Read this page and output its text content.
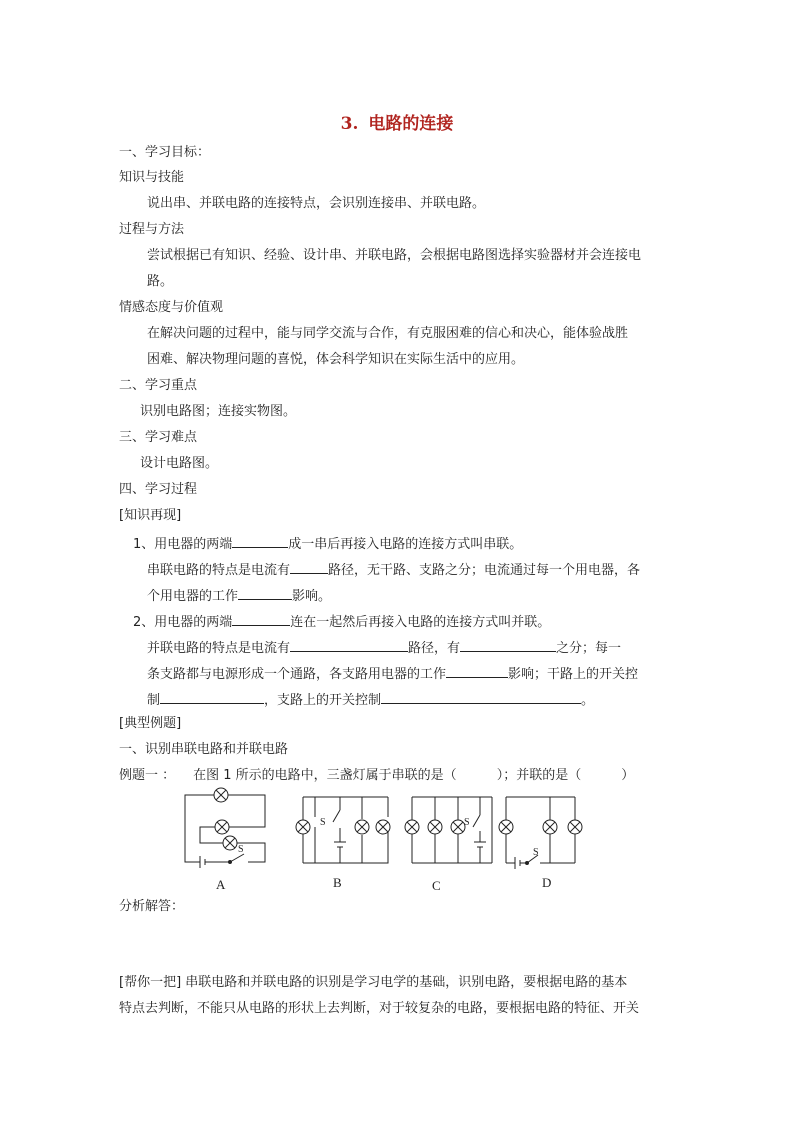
3. 电路的连接
一、学习目标：
知识与技能
说出串、并联电路的连接特点，会识别连接串、并联电路。
过程与方法
尝试根据已有知识、经验、设计串、并联电路，会根据电路图选择实验器材并会连接电
路。
情感态度与价值观
在解决问题的过程中，能与同学交流与合作，有克服困难的信心和决心，能体验战胜
困难、解决物理问题的喜悦，体会科学知识在实际生活中的应用。
二、学习重点
识别电路图；连接实物图。
三、学习难点
设计电路图。
四、学习过程
[知识再现]
1、用电器的两端	成一串后再接入电路的连接方式叫串联。
串联电路的特点是电流有	路径，无干路、支路之分；电流通过每一个用电器，各
个用电器的工作	影响。
2、用电器的两端	连在一起然后再接入电路的连接方式叫并联。
并联电路的特点是电流有	路径，有	之分；每一
条支路都与电源形成一个通路，各支路用电器的工作	影响；干路上的开关控
制	，支路上的开关控制	。
[典型例题]
一、识别串联电路和并联电路
例题一 ： 在图 1 所示的电路中，三盏灯属于串联的是（	）；并联的是（	）
S
S	S
S
A	B	C	D
分析解答：
[帮你一把] 串联电路和并联电路的识别是学习电学的基础，识别电路，要根据电路的基本
特点去判断，不能只从电路的形状上去判断，对于较复杂的电路，要根据电路的特征、开关
